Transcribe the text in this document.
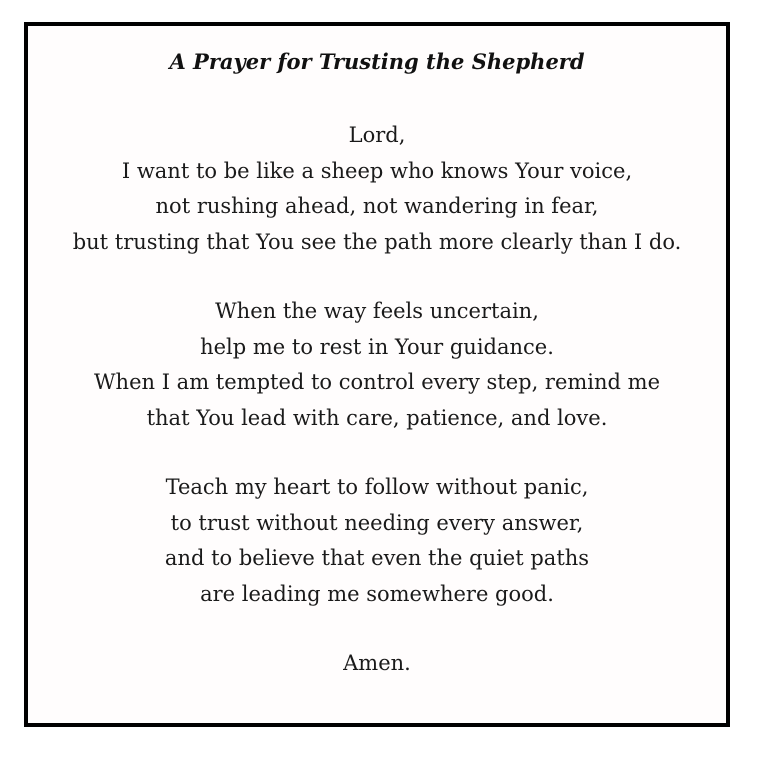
A Prayer for Trusting the Shepherd

Lord,
I want to be like a sheep who knows Your voice,
not rushing ahead, not wandering in fear,
but trusting that You see the path more clearly than I do.

When the way feels uncertain,
help me to rest in Your guidance.
When I am tempted to control every step, remind me
that You lead with care, patience, and love.

Teach my heart to follow without panic,
to trust without needing every answer,
and to believe that even the quiet paths
are leading me somewhere good.

Amen.
